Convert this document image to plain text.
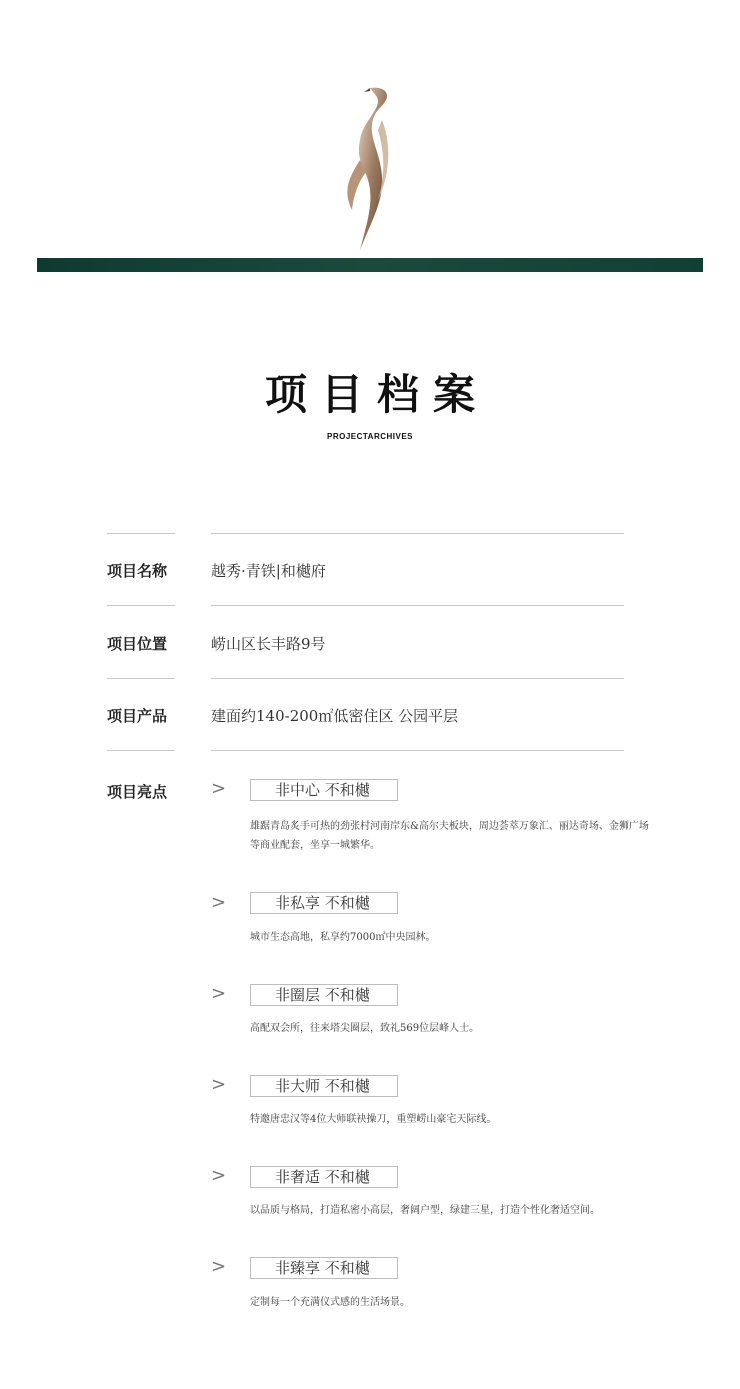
项目档案
PROJECTARCHIVES
项目名称	越秀·青铁|和樾府
项目位置	崂山区长丰路9号
项目产品	建面约140-200㎡低密住区 公园平层
项目亮点 >	非中心 不和樾
雄踞青岛炙手可热的劲张村河南岸东&高尔夫板块，周边荟萃万象汇、丽达奇场、金狮广场等商业配套，坐享一城繁华。
>	非私享 不和樾
城市生态高地，私享约7000㎡中央园林。
>	非圈层 不和樾
高配双会所，往来塔尖圈层，致礼569位层峰人士。
>	非大师 不和樾
特邀唐忠汉等4位大师联袂操刀，重塑崂山豪宅天际线。
>	非奢适 不和樾
以品质与格局，打造私密小高层，奢阔户型，绿建三星，打造个性化奢适空间。
>	非臻享 不和樾
定制每一个充满仪式感的生活场景。
